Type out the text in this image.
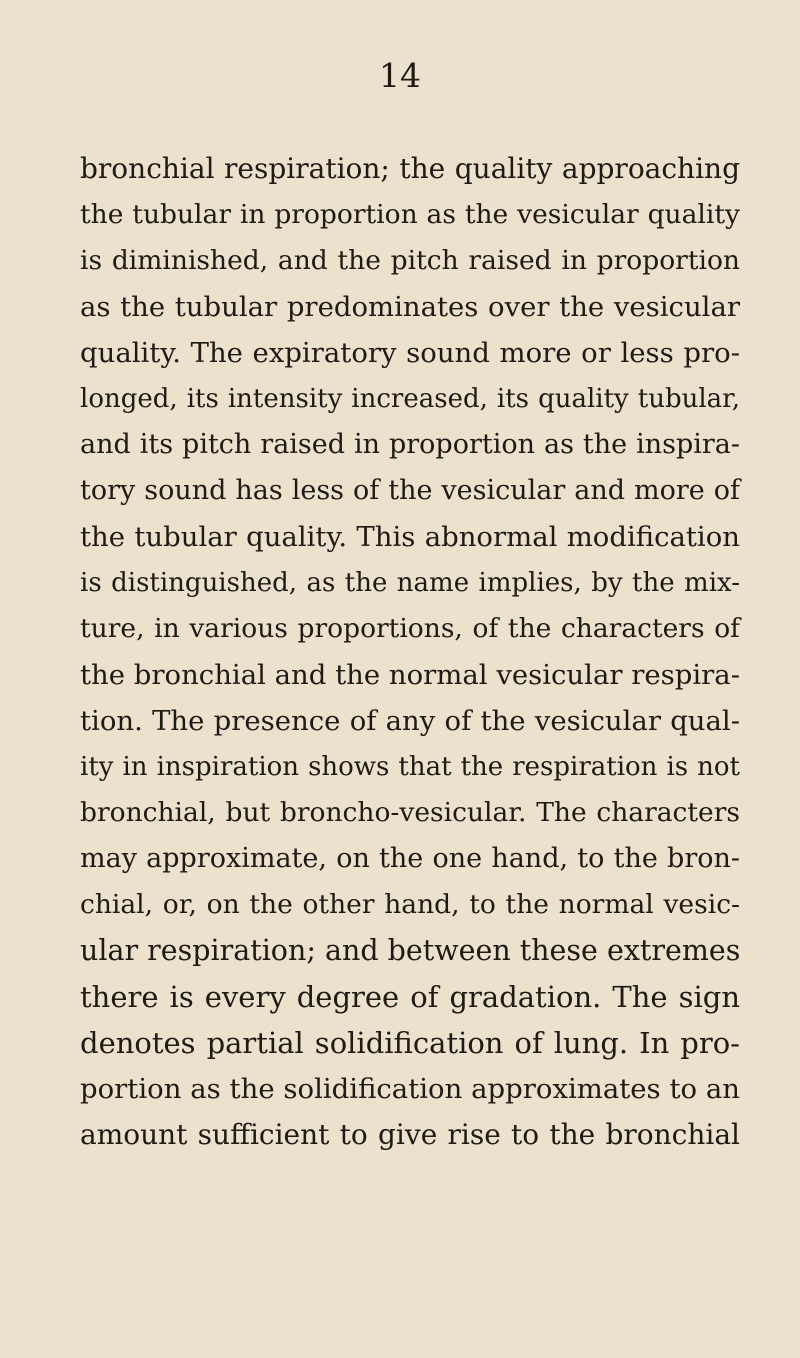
14
bronchial respiration; the quality approaching
the tubular in proportion as the vesicular quality
is diminished, and the pitch raised in proportion
as the tubular predominates over the vesicular
quality. The expiratory sound more or less pro-
longed, its intensity increased, its quality tubular,
and its pitch raised in proportion as the inspira-
tory sound has less of the vesicular and more of
the tubular quality. This abnormal modification
is distinguished, as the name implies, by the mix-
ture, in various proportions, of the characters of
the bronchial and the normal vesicular respira-
tion. The presence of any of the vesicular qual-
ity in inspiration shows that the respiration is not
bronchial, but broncho-vesicular. The characters
may approximate, on the one hand, to the bron-
chial, or, on the other hand, to the normal vesic-
ular respiration; and between these extremes
there is every degree of gradation. The sign
denotes partial solidification of lung. In pro-
portion as the solidification approximates to an
amount sufficient to give rise to the bronchial
